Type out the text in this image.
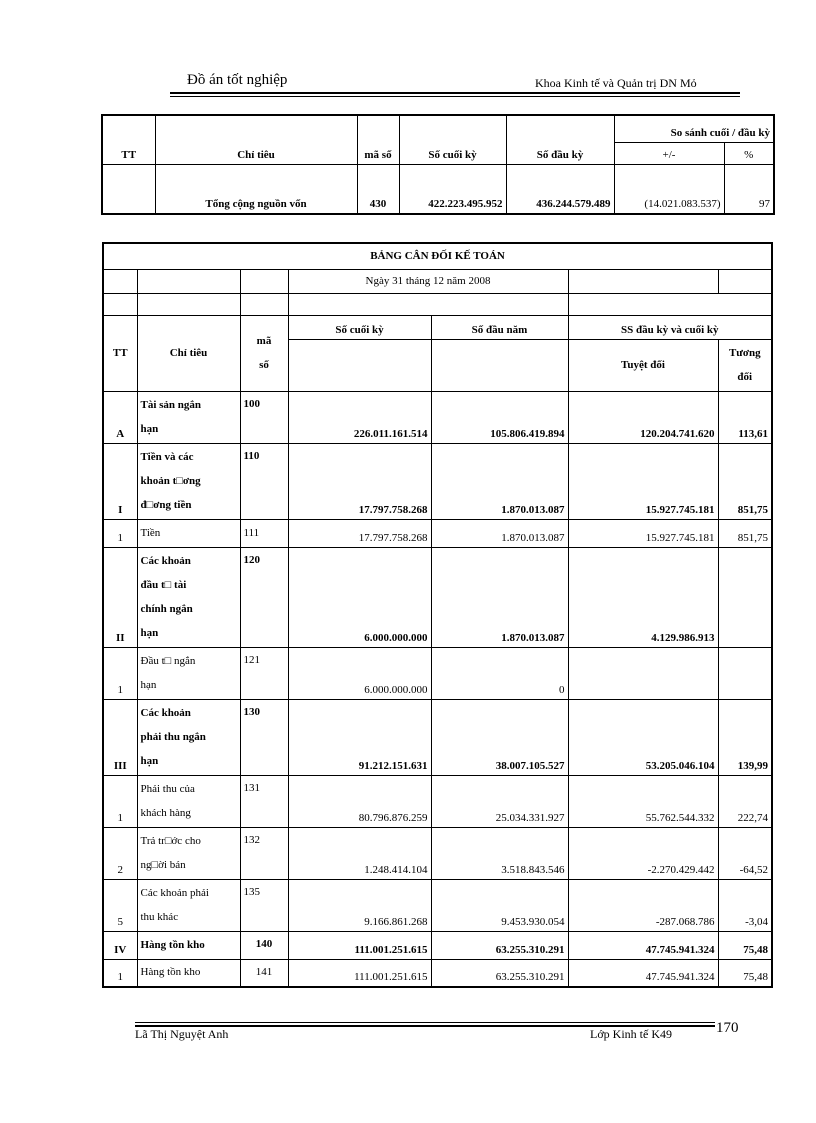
Đồ án tốt nghiệp	Khoa Kinh tế và Quản trị DN Mỏ
TT	Chỉ tiêu	mã số	Số cuối kỳ	Số đầu kỳ	So sánh cuối / đầu kỳ	
					+/-	%
	Tổng cộng nguồn vốn	430	422.223.495.952	436.244.579.489	(14.021.083.537)	97
BẢNG CÂN ĐỐI KẾ TOÁN						
			Ngày 31 tháng 12 năm 2008			

TT	Chỉ tiêu	mã
số	Số cuối kỳ	Số đầu năm	SS đầu kỳ và cuối kỳ	
					Tuyệt đối	Tương
đối

A	Tài sản ngắn
hạn	100	226.011.161.514	105.806.419.894	120.204.741.620	113,61
I	Tiền và các
khoản t□ơng
đ□ơng tiền	110	17.797.758.268	1.870.013.087	15.927.745.181	851,75
1	Tiền	111	17.797.758.268	1.870.013.087	15.927.745.181	851,75
II	Các khoản
đầu t□ tài
chính ngắn
hạn	120	6.000.000.000	1.870.013.087	4.129.986.913	
1	Đầu t□ ngắn
hạn	121	6.000.000.000	0		
III	Các khoản
phải thu ngắn
hạn	130	91.212.151.631	38.007.105.527	53.205.046.104	139,99
1	Phải thu của
khách hàng	131	80.796.876.259	25.034.331.927	55.762.544.332	222,74
2	Trả tr□ớc cho
ng□ời bán	132	1.248.414.104	3.518.843.546	-2.270.429.442	-64,52
5	Các khoản phải
thu khác	135	9.166.861.268	9.453.930.054	-287.068.786	-3,04
IV	Hàng tồn kho	140	111.001.251.615	63.255.310.291	47.745.941.324	75,48
1	Hàng tồn kho	141	111.001.251.615	63.255.310.291	47.745.941.324	75,48
Lã Thị Nguyệt Anh	Lớp Kinh tế K49	170
